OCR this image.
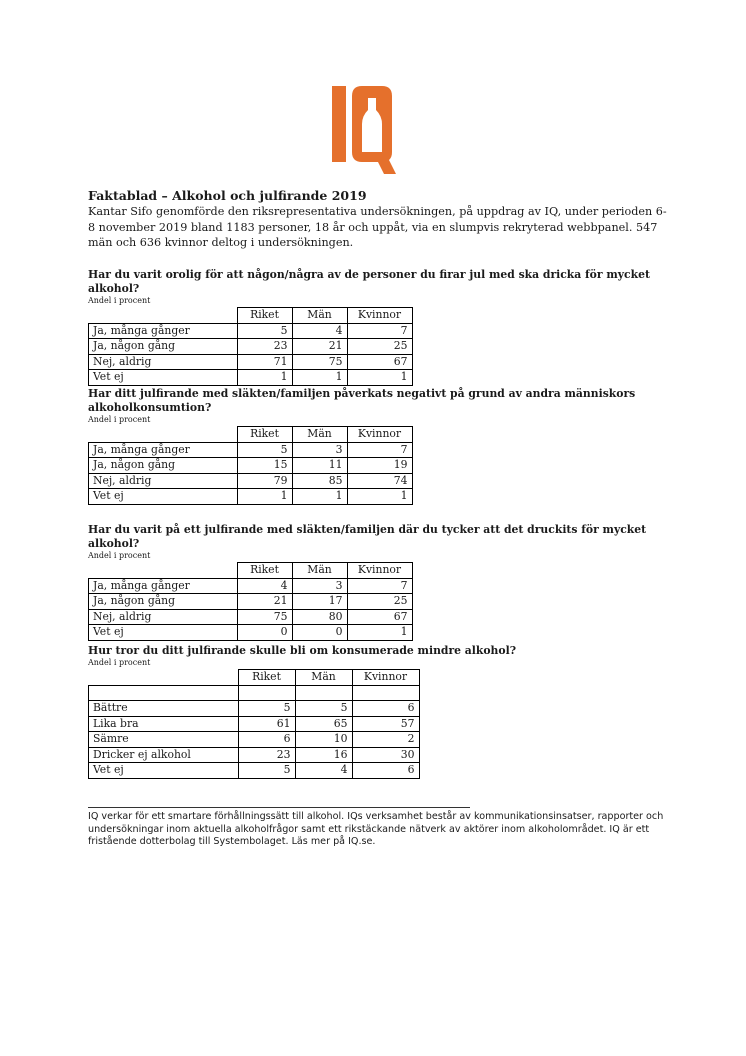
Faktablad – Alkohol och julfirande 2019

Kantar Sifo genomförde den riksrepresentativa undersökningen, på uppdrag av IQ, under perioden 6-8 november 2019 bland 1183 personer, 18 år och uppåt, via en slumpvis rekryterad webbpanel. 547 män och 636 kvinnor deltog i undersökningen.

Har du varit orolig för att någon/några av de personer du firar jul med ska dricka för mycket alkohol?

Andel i procent

	Riket	Män	Kvinnor
Ja, många gånger	5	4	7
Ja, någon gång	23	21	25
Nej, aldrig	71	75	67
Vet ej	1	1	1

Har ditt julfirande med släkten/familjen påverkats negativt på grund av andra människors alkoholkonsumtion?

Andel i procent

	Riket	Män	Kvinnor
Ja, många gånger	5	3	7
Ja, någon gång	15	11	19
Nej, aldrig	79	85	74
Vet ej	1	1	1

Har du varit på ett julfirande med släkten/familjen där du tycker att det druckits för mycket alkohol?

Andel i procent

	Riket	Män	Kvinnor
Ja, många gånger	4	3	7
Ja, någon gång	21	17	25
Nej, aldrig	75	80	67
Vet ej	0	0	1

Hur tror du ditt julfirande skulle bli om konsumerade mindre alkohol?

Andel i procent

	Riket	Män	Kvinnor

Bättre	5	5	6
Lika bra	61	65	57
Sämre	6	10	2
Dricker ej alkohol	23	16	30
Vet ej	5	4	6
IQ verkar för ett smartare förhållningssätt till alkohol. IQs verksamhet består av kommunikationsinsatser, rapporter och undersökningar inom aktuella alkoholfrågor samt ett rikstäckande nätverk av aktörer inom alkoholområdet. IQ är ett fristående dotterbolag till Systembolaget. Läs mer på IQ.se.
